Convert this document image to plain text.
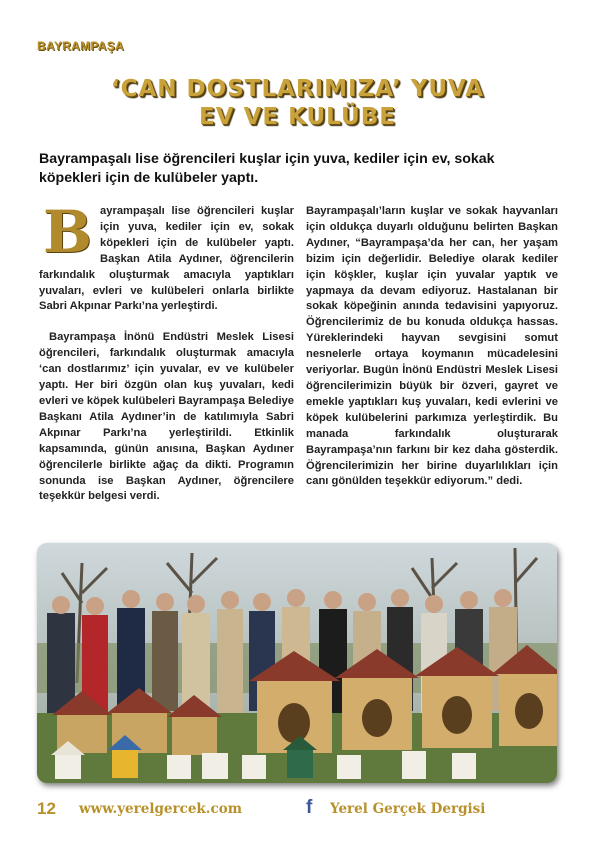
BAYRAMPAŞA
‘CAN DOSTLARIMIZA’ YUVA
EV VE KULÜBE
Bayrampaşalı lise öğrencileri kuşlar için yuva, kediler için ev, sokak köpekleri için de kulübeler yaptı.
B ayrampaşalı lise öğrencileri kuşlar için yuva, kediler için ev, sokak köpekleri için de kulübeler yaptı. Başkan Atila Aydıner, öğrencilerin farkındalık oluşturmak amacıyla yaptıkları yuvaları, evleri ve kulübeleri onlarla birlikte Sabri Akpınar Parkı’na yerleştirdi.

Bayrampaşa İnönü Endüstri Meslek Lisesi öğrencileri, farkındalık oluşturmak amacıyla ‘can dostlarımız’ için yuvalar, ev ve kulübeler yaptı. Her biri özgün olan kuş yuvaları, kedi evleri ve köpek kulübeleri Bayrampaşa Belediye Başkanı Atila Aydıner’in de katılımıyla Sabri Akpınar Parkı’na yerleştirildi. Etkinlik kapsamında, günün anısına, Başkan Aydıner öğrencilerle birlikte ağaç da dikti. Programın sonunda ise Başkan Aydıner, öğrencilere teşekkür belgesi verdi.

Bayrampaşalı’ların kuşlar ve sokak hayvanları için oldukça duyarlı olduğunu belirten Başkan Aydıner, “Bayrampaşa’da her can, her yaşam bizim için değerlidir. Belediye olarak kediler için köşkler, kuşlar için yuvalar yaptık ve yapmaya da devam ediyoruz. Hastalanan bir sokak köpeğinin anında tedavisini yapıyoruz. Öğrencilerimiz de bu konuda oldukça hassas. Yüreklerindeki hayvan sevgisini somut nesnelerle ortaya koymanın mücadelesini veriyorlar. Bugün İnönü Endüstri Meslek Lisesi öğrencilerimizin büyük bir özveri, gayret ve emekle yaptıkları kuş yuvaları, kedi evlerini ve köpek kulübelerini parkımıza yerleştirdik. Bu manada farkındalık oluşturarak Bayrampaşa’nın farkını bir kez daha gösterdik. Öğrencilerimizin her birine duyarlılıkları için canı gönülden teşekkür ediyorum.” dedi.

12 www.yerelgercek.com	f	Yerel Gerçek Dergisi
